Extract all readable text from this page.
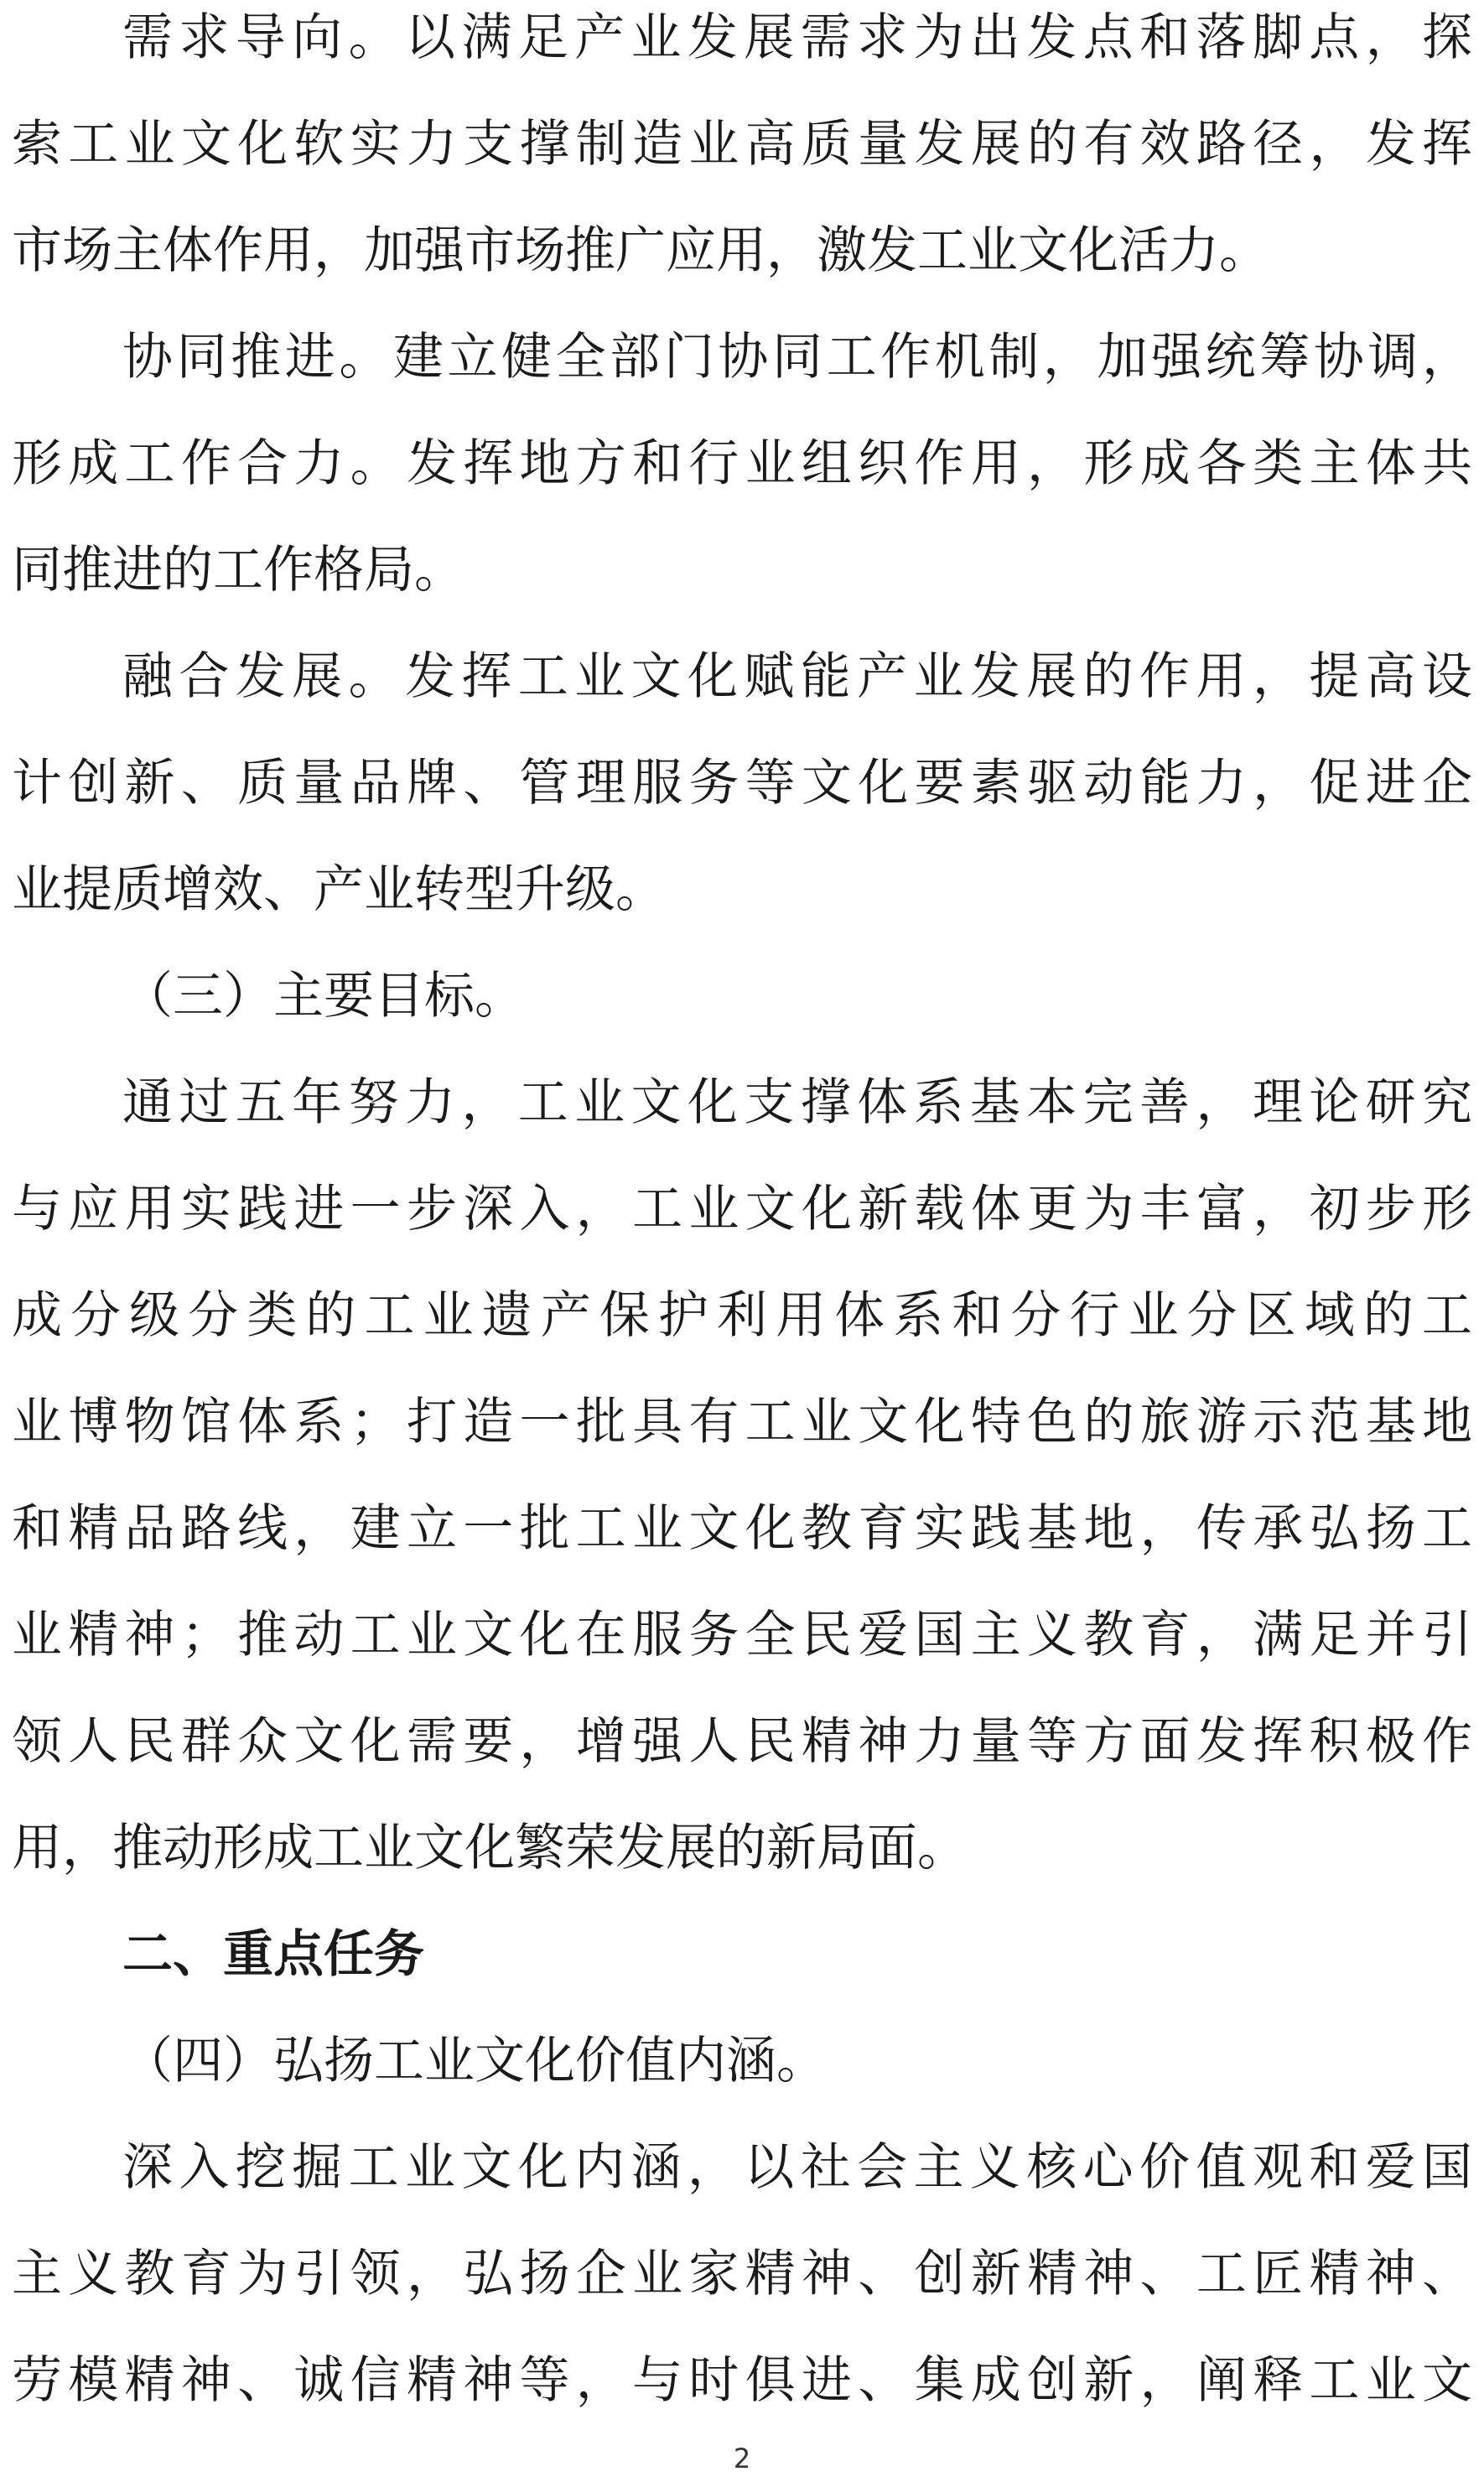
需求导向。以满足产业发展需求为出发点和落脚点，探
索工业文化软实力支撑制造业高质量发展的有效路径，发挥
市场主体作用，加强市场推广应用，激发工业文化活力。
协同推进。建立健全部门协同工作机制，加强统筹协调，
形成工作合力。发挥地方和行业组织作用，形成各类主体共
同推进的工作格局。
融合发展。发挥工业文化赋能产业发展的作用，提高设
计创新、质量品牌、管理服务等文化要素驱动能力，促进企
业提质增效、产业转型升级。
（三）主要目标。
通过五年努力，工业文化支撑体系基本完善，理论研究
与应用实践进一步深入，工业文化新载体更为丰富，初步形
成分级分类的工业遗产保护利用体系和分行业分区域的工
业博物馆体系；打造一批具有工业文化特色的旅游示范基地
和精品路线，建立一批工业文化教育实践基地，传承弘扬工
业精神；推动工业文化在服务全民爱国主义教育，满足并引
领人民群众文化需要，增强人民精神力量等方面发挥积极作
用，推动形成工业文化繁荣发展的新局面。
二、重点任务
（四）弘扬工业文化价值内涵。
深入挖掘工业文化内涵，以社会主义核心价值观和爱国
主义教育为引领，弘扬企业家精神、创新精神、工匠精神、
劳模精神、诚信精神等，与时俱进、集成创新，阐释工业文
2
